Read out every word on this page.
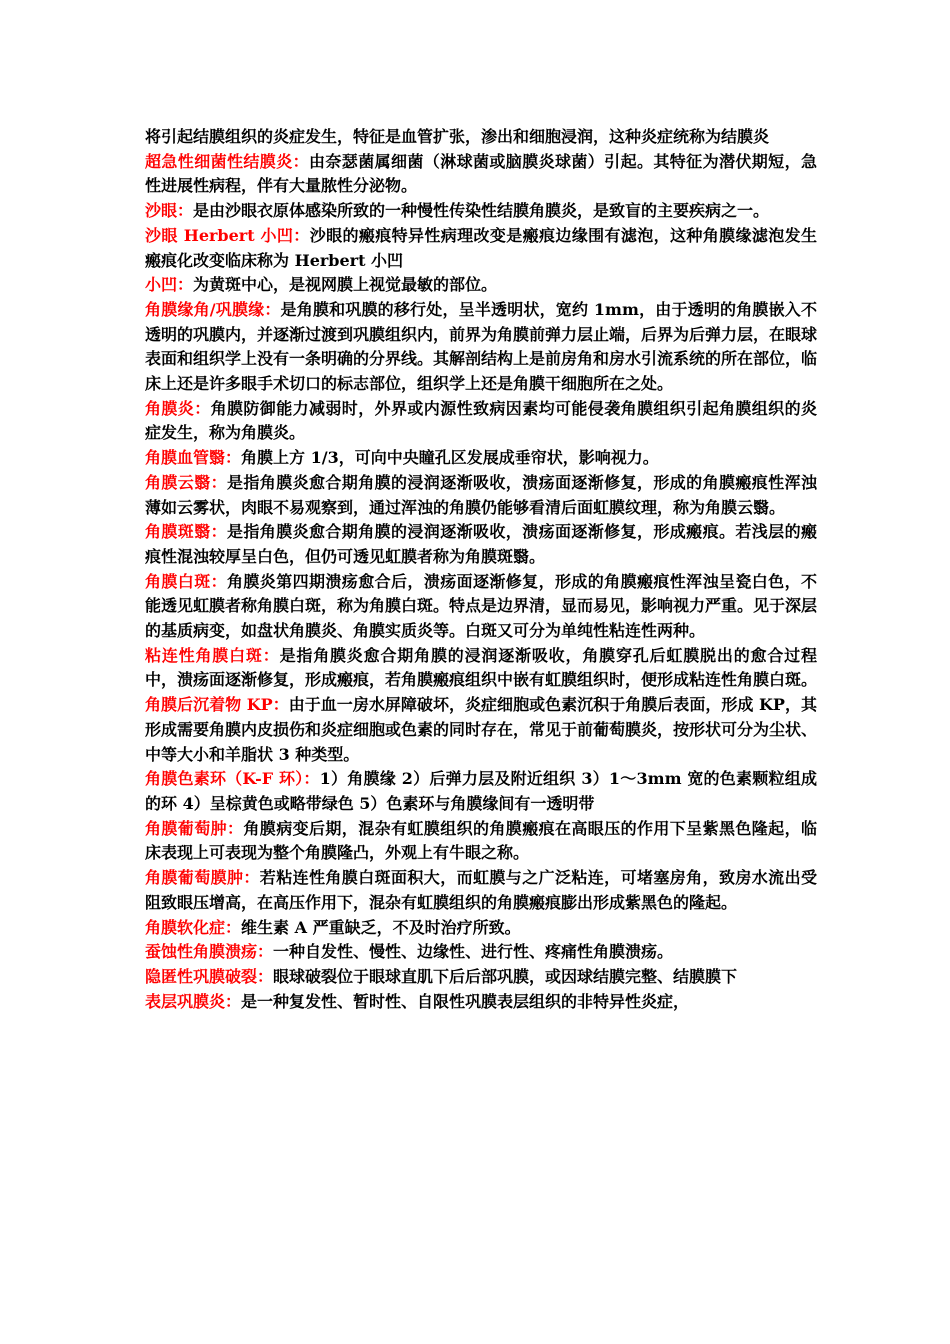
将引起结膜组织的炎症发生，特征是血管扩张，渗出和细胞浸润，这种炎症统称为结膜炎

超急性细菌性结膜炎：由奈瑟菌属细菌（淋球菌或脑膜炎球菌）引起。其特征为潜伏期短，急性进展性病程，伴有大量脓性分泌物。

沙眼：是由沙眼衣原体感染所致的一种慢性传染性结膜角膜炎，是致盲的主要疾病之一。

沙眼 Herbert 小凹：沙眼的瘢痕特异性病理改变是瘢痕边缘围有滤泡，这种角膜缘滤泡发生瘢痕化改变临床称为 Herbert 小凹

小凹：为黄斑中心，是视网膜上视觉最敏的部位。

角膜缘角/巩膜缘：是角膜和巩膜的移行处，呈半透明状，宽约 1mm，由于透明的角膜嵌入不透明的巩膜内，并逐渐过渡到巩膜组织内，前界为角膜前弹力层止端，后界为后弹力层，在眼球表面和组织学上没有一条明确的分界线。其解剖结构上是前房角和房水引流系统的所在部位，临床上还是许多眼手术切口的标志部位，组织学上还是角膜干细胞所在之处。

角膜炎：角膜防御能力减弱时，外界或内源性致病因素均可能侵袭角膜组织引起角膜组织的炎症发生，称为角膜炎。

角膜血管翳：角膜上方 1/3，可向中央瞳孔区发展成垂帘状，影响视力。

角膜云翳：是指角膜炎愈合期角膜的浸润逐渐吸收，溃疡面逐渐修复，形成的角膜瘢痕性浑浊薄如云雾状，肉眼不易观察到，通过浑浊的角膜仍能够看清后面虹膜纹理，称为角膜云翳。

角膜斑翳：是指角膜炎愈合期角膜的浸润逐渐吸收，溃疡面逐渐修复，形成瘢痕。若浅层的瘢痕性混浊较厚呈白色，但仍可透见虹膜者称为角膜斑翳。

角膜白斑：角膜炎第四期溃疡愈合后，溃疡面逐渐修复，形成的角膜瘢痕性浑浊呈瓷白色，不能透见虹膜者称角膜白斑，称为角膜白斑。特点是边界清，显而易见，影响视力严重。见于深层的基质病变，如盘状角膜炎、角膜实质炎等。白斑又可分为单纯性粘连性两种。

粘连性角膜白斑：是指角膜炎愈合期角膜的浸润逐渐吸收，角膜穿孔后虹膜脱出的愈合过程中，溃疡面逐渐修复，形成瘢痕，若角膜瘢痕组织中嵌有虹膜组织时，便形成粘连性角膜白斑。

角膜后沉着物 KP：由于血一房水屏障破坏，炎症细胞或色素沉积于角膜后表面，形成 KP，其形成需要角膜内皮损伤和炎症细胞或色素的同时存在，常见于前葡萄膜炎，按形状可分为尘状、中等大小和羊脂状 3 种类型。

角膜色素环（K-F 环）：1）角膜缘 2）后弹力层及附近组织 3）1～3mm 宽的色素颗粒组成的环 4）呈棕黄色或略带绿色 5）色素环与角膜缘间有一透明带

角膜葡萄肿：角膜病变后期，混杂有虹膜组织的角膜瘢痕在高眼压的作用下呈紫黑色隆起，临床表现上可表现为整个角膜隆凸，外观上有牛眼之称。

角膜葡萄膜肿：若粘连性角膜白斑面积大，而虹膜与之广泛粘连，可堵塞房角，致房水流出受阻致眼压增高，在高压作用下，混杂有虹膜组织的角膜瘢痕膨出形成紫黑色的隆起。

角膜软化症：维生素 A 严重缺乏，不及时治疗所致。

蚕蚀性角膜溃疡：一种自发性、慢性、边缘性、进行性、疼痛性角膜溃疡。

隐匿性巩膜破裂：眼球破裂位于眼球直肌下后后部巩膜，或因球结膜完整、结膜膜下

表层巩膜炎：是一种复发性、暂时性、自限性巩膜表层组织的非特异性炎症，
